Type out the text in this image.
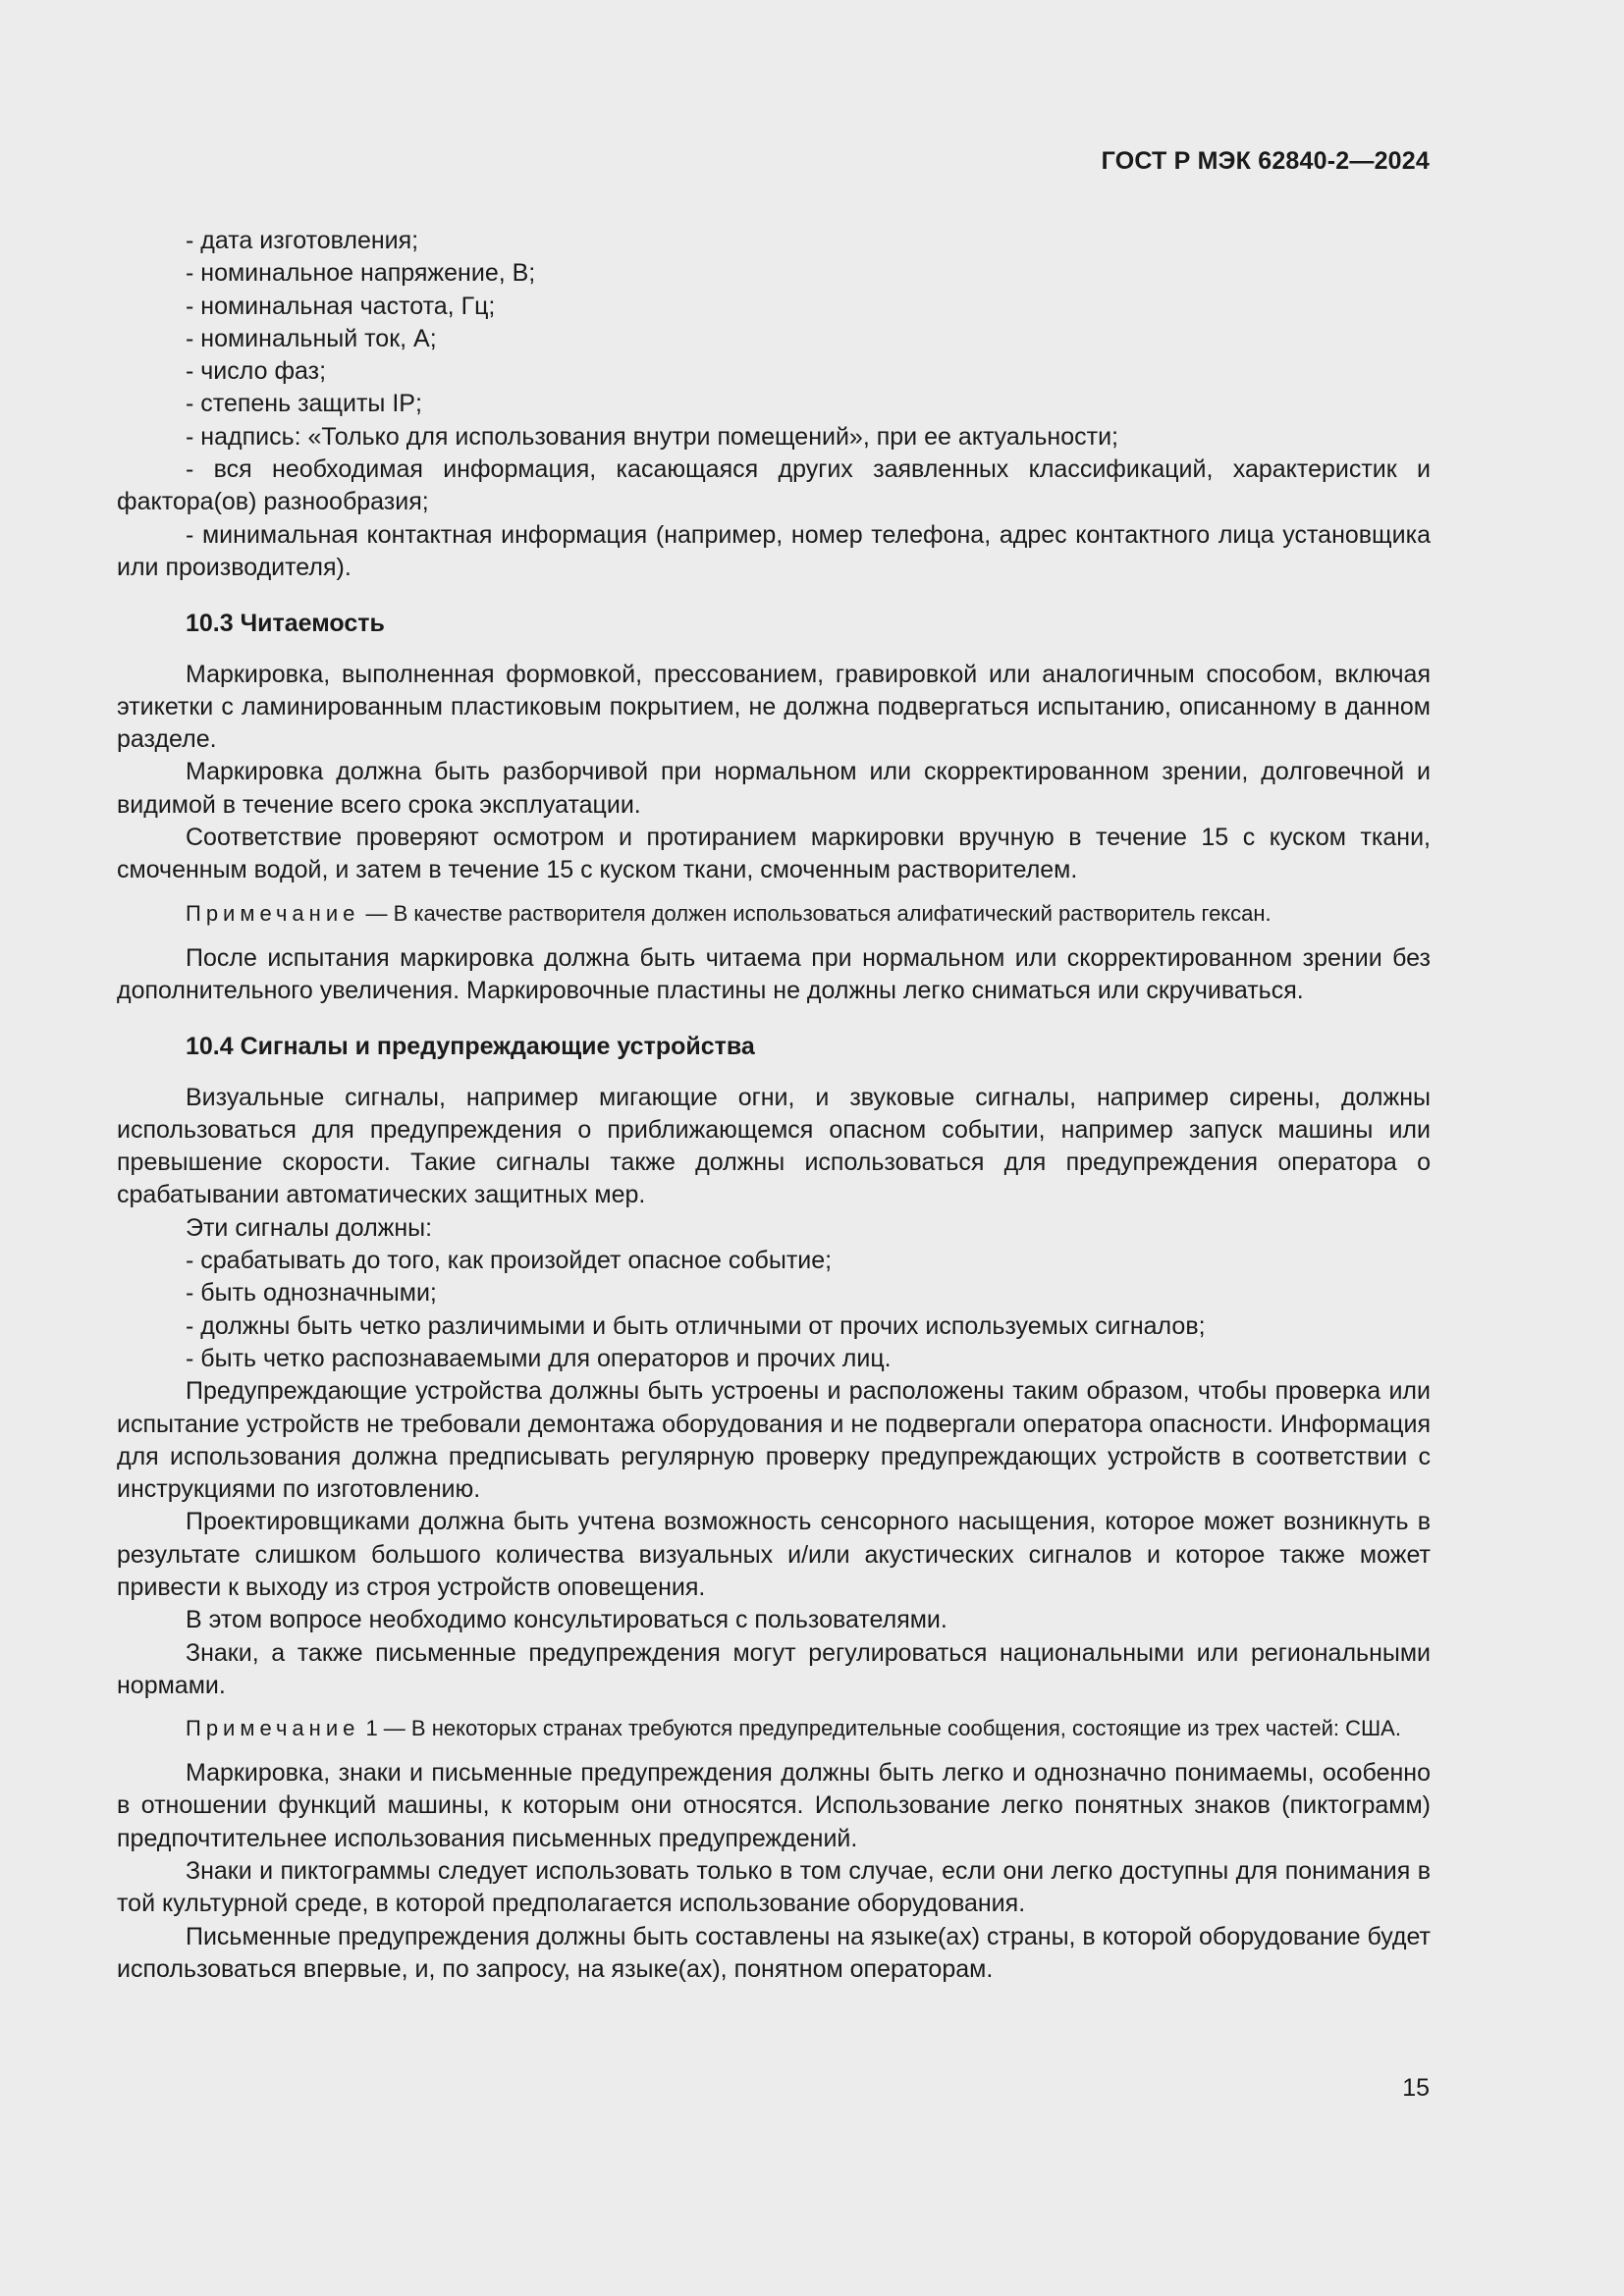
ГОСТ Р МЭК 62840-2—2024

- дата изготовления;

- номинальное напряжение, В;

- номинальная частота, Гц;

- номинальный ток, А;

- число фаз;

- степень защиты IP;

- надпись: «Только для использования внутри помещений», при ее актуальности;

- вся необходимая информация, касающаяся других заявленных классификаций, характеристик и фактора(ов) разнообразия;

- минимальная контактная информация (например, номер телефона, адрес контактного лица установщика или производителя).

10.3 Читаемость

Маркировка, выполненная формовкой, прессованием, гравировкой или аналогичным способом, включая этикетки с ламинированным пластиковым покрытием, не должна подвергаться испытанию, описанному в данном разделе.

Маркировка должна быть разборчивой при нормальном или скорректированном зрении, долговечной и видимой в течение всего срока эксплуатации.

Соответствие проверяют осмотром и протиранием маркировки вручную в течение 15 с куском ткани, смоченным водой, и затем в течение 15 с куском ткани, смоченным растворителем.

Примечание — В качестве растворителя должен использоваться алифатический растворитель гексан.

После испытания маркировка должна быть читаема при нормальном или скорректированном зрении без дополнительного увеличения. Маркировочные пластины не должны легко сниматься или скручиваться.

10.4 Сигналы и предупреждающие устройства

Визуальные сигналы, например мигающие огни, и звуковые сигналы, например сирены, должны использоваться для предупреждения о приближающемся опасном событии, например запуск машины или превышение скорости. Такие сигналы также должны использоваться для предупреждения оператора о срабатывании автоматических защитных мер.

Эти сигналы должны:

- срабатывать до того, как произойдет опасное событие;

- быть однозначными;

- должны быть четко различимыми и быть отличными от прочих используемых сигналов;

- быть четко распознаваемыми для операторов и прочих лиц.

Предупреждающие устройства должны быть устроены и расположены таким образом, чтобы проверка или испытание устройств не требовали демонтажа оборудования и не подвергали оператора опасности. Информация для использования должна предписывать регулярную проверку предупреждающих устройств в соответствии с инструкциями по изготовлению.

Проектировщиками должна быть учтена возможность сенсорного насыщения, которое может возникнуть в результате слишком большого количества визуальных и/или акустических сигналов и которое также может привести к выходу из строя устройств оповещения.

В этом вопросе необходимо консультироваться с пользователями.

Знаки, а также письменные предупреждения могут регулироваться национальными или региональными нормами.

Примечание 1 — В некоторых странах требуются предупредительные сообщения, состоящие из трех частей: США.

Маркировка, знаки и письменные предупреждения должны быть легко и однозначно понимаемы, особенно в отношении функций машины, к которым они относятся. Использование легко понятных знаков (пиктограмм) предпочтительнее использования письменных предупреждений.

Знаки и пиктограммы следует использовать только в том случае, если они легко доступны для понимания в той культурной среде, в которой предполагается использование оборудования.

Письменные предупреждения должны быть составлены на языке(ах) страны, в которой оборудование будет использоваться впервые, и, по запросу, на языке(ах), понятном операторам.

15
